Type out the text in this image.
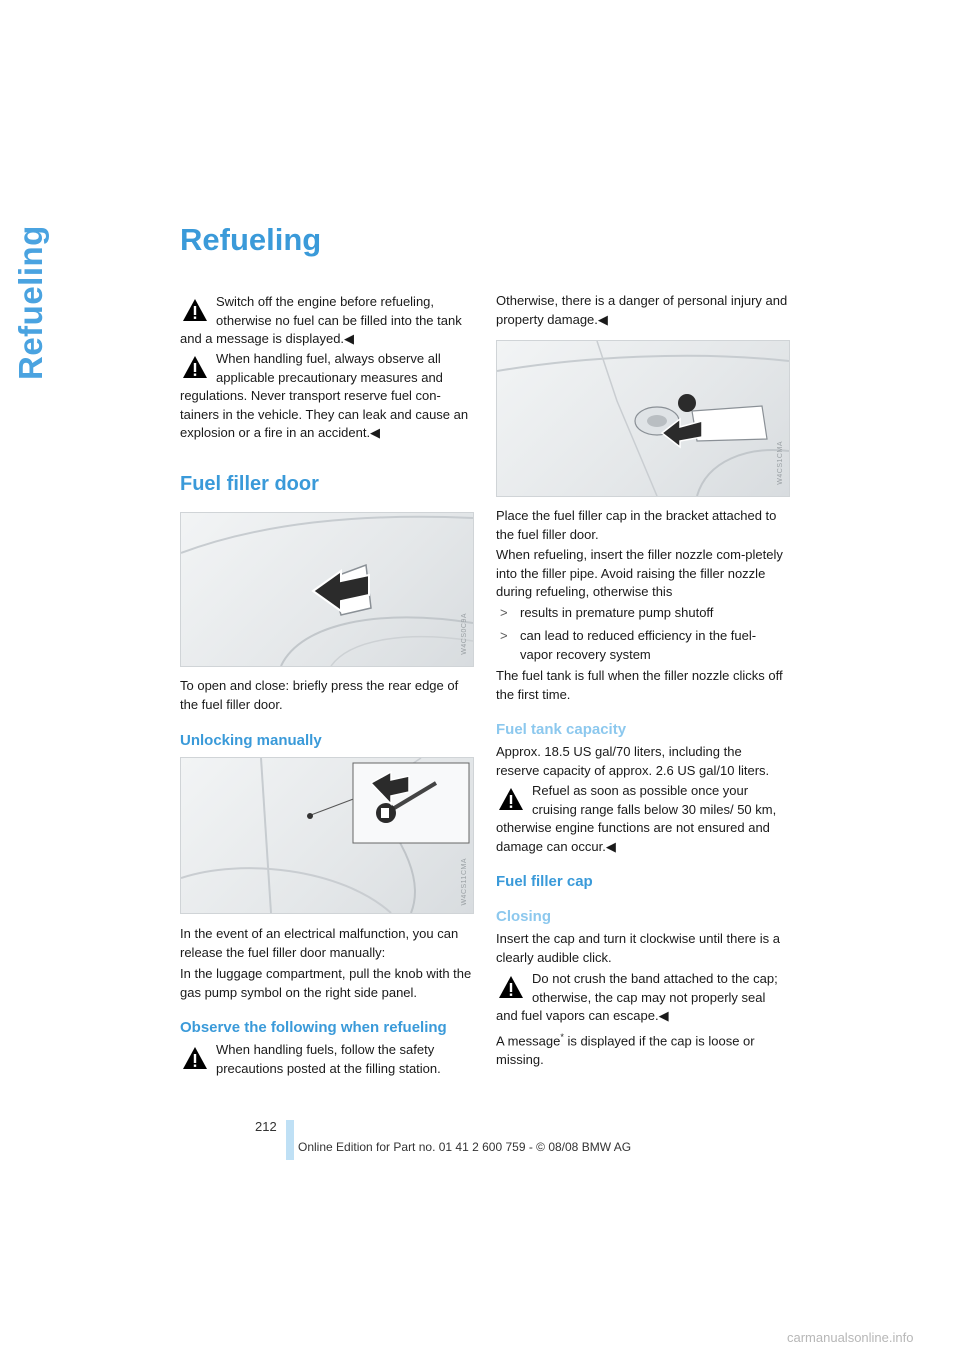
Refueling	Refueling
Switch off the engine before refueling, otherwise no fuel can be filled into the tank and a message is displayed.◀
When handling fuel, always observe all applicable precautionary measures and regulations. Never transport reserve fuel con-tainers in the vehicle. They can leak and cause an explosion or a fire in an accident.◀
Fuel filler door
W4CS0C9A

To open and close: briefly press the rear edge of the fuel filler door.

Unlocking manually
W4CS11CMA

In the event of an electrical malfunction, you can release the fuel filler door manually:

In the luggage compartment, pull the knob with the gas pump symbol on the right side panel.

Observe the following when refueling
When handling fuels, follow the safety precautions posted at the filling station.

Otherwise, there is a danger of personal injury and property damage.◀

W4CS1CMA

Place the fuel filler cap in the bracket attached to the fuel filler door.

When refueling, insert the filler nozzle com-pletely into the filler pipe. Avoid raising the filler nozzle during refueling, otherwise this

> results in premature pump shutoff
> can lead to reduced efficiency in the fuel-vapor recovery system

The fuel tank is full when the filler nozzle clicks off the first time.

Fuel tank capacity

Approx. 18.5 US gal/70 liters, including the reserve capacity of approx. 2.6 US gal/10 liters.

Refuel as soon as possible once your cruising range falls below 30 miles/ 50 km, otherwise engine functions are not ensured and damage can occur.◀
Fuel filler cap
Closing

Insert the cap and turn it clockwise until there is a clearly audible click.

Do not crush the band attached to the cap; otherwise, the cap may not properly seal and fuel vapors can escape.◀

A message* is displayed if the cap is loose or missing.

212
Online Edition for Part no. 01 41 2 600 759 - © 08/08 BMW AG
carmanualsonline.info
